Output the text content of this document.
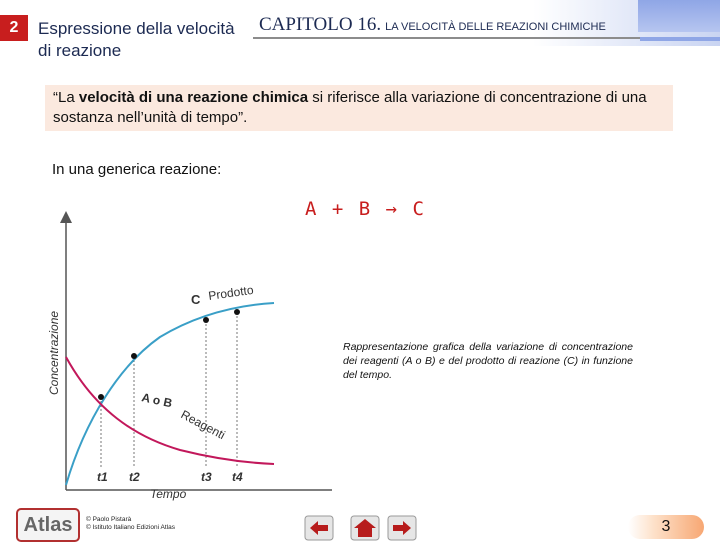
2	Espressione della velocità di reazione
CAPITOLO 16. LA VELOCITÀ DELLE REAZIONI CHIMICHE

“La velocità di una reazione chimica si riferisce alla variazione di concentrazione di una sostanza nell’unità di tempo”.

In una generica reazione:
A + B → C
Concentrazione
Tempo
C Prodotto
A o B
Reagenti
t1 t2	t3 t4
Rappresentazione grafica della variazione di concentrazione dei reagenti (A o B) e del prodotto di reazione (C) in funzione del tempo.
Atlas	© Paolo Pistarà
© Istituto Italiano Edizioni Atlas	3
